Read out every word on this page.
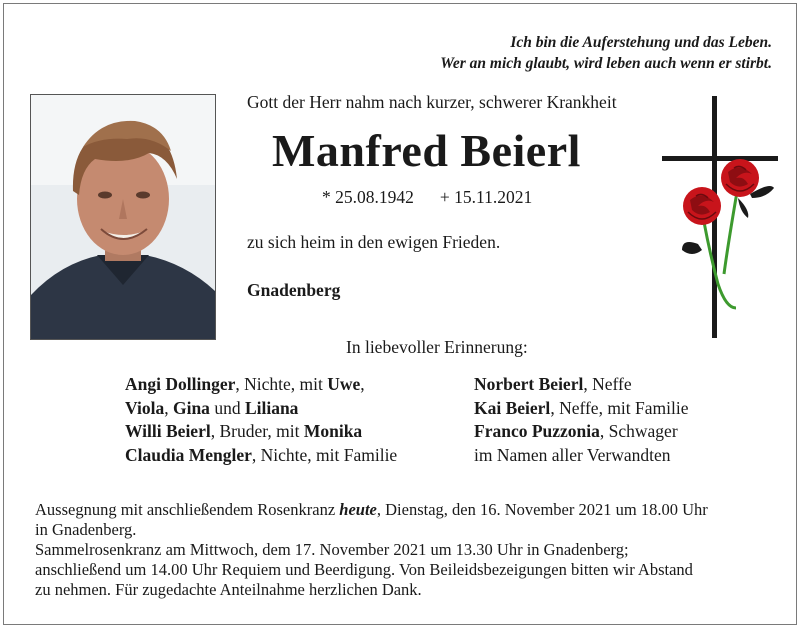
Ich bin die Auferstehung und das Leben.
Wer an mich glaubt, wird leben auch wenn er stirbt.
Gott der Herr nahm nach kurzer, schwerer Krankheit
Manfred Beierl
* 25.08.1942 + 15.11.2021
zu sich heim in den ewigen Frieden.
Gnadenberg
In liebevoller Erinnerung:
Angi Dollinger, Nichte, mit Uwe,
Viola, Gina und Liliana
Willi Beierl, Bruder, mit Monika
Claudia Mengler, Nichte, mit Familie
Norbert Beierl, Neffe
Kai Beierl, Neffe, mit Familie
Franco Puzzonia, Schwager
im Namen aller Verwandten
Aussegnung mit anschließendem Rosenkranz heute, Dienstag, den 16. November 2021 um 18.00 Uhr
in Gnadenberg.
Sammelrosenkranz am Mittwoch, dem 17. November 2021 um 13.30 Uhr in Gnadenberg;
anschließend um 14.00 Uhr Requiem und Beerdigung. Von Beileidsbezeigungen bitten wir Abstand
zu nehmen. Für zugedachte Anteilnahme herzlichen Dank.
